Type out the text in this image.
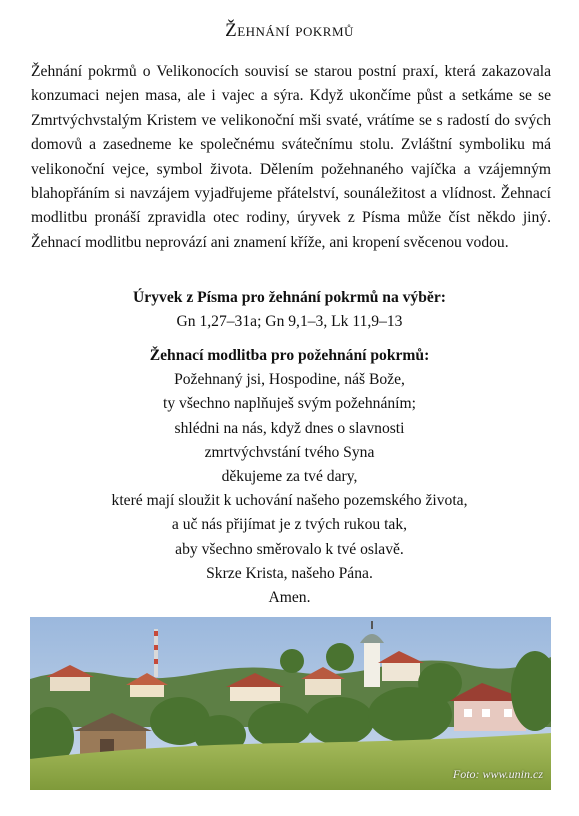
Žehnání pokrmů
Žehnání pokrmů o Velikonocích souvisí se starou postní praxí, která zakazovala konzumaci nejen masa, ale i vajec a sýra. Když ukončíme půst a setkáme se se Zmrtvýchvstalým Kristem ve velikonoční mši svaté, vrátíme se s radostí do svých domovů a zasedneme ke společnému svátečnímu stolu. Zvláštní symboliku má velikonoční vejce, symbol života. Dělením požehnaného vajíčka a vzájemným blahopřáním si navzájem vyjadřujeme přátelství, sounáležitost a vlídnost. Žehnací modlitbu pronáší zpravidla otec rodiny, úryvek z Písma může číst někdo jiný. Žehnací modlitbu neprovází ani znamení kříže, ani kropení svěcenou vodou.
Úryvek z Písma pro žehnání pokrmů na výběr:
Gn 1,27–31a; Gn 9,1–3, Lk 11,9–13
Žehnací modlitba pro požehnání pokrmů:
Požehnaný jsi, Hospodine, náš Bože,
ty všechno naplňuješ svým požehnáním;
shlédni na nás, když dnes o slavnosti
zmrtvýchvstání tvého Syna
děkujeme za tvé dary,
které mají sloužit k uchování našeho pozemského života,
a uč nás přijímat je z tvých rukou tak,
aby všechno směrovalo k tvé oslavě.
Skrze Krista, našeho Pána.
Amen.
Foto: www.unin.cz
